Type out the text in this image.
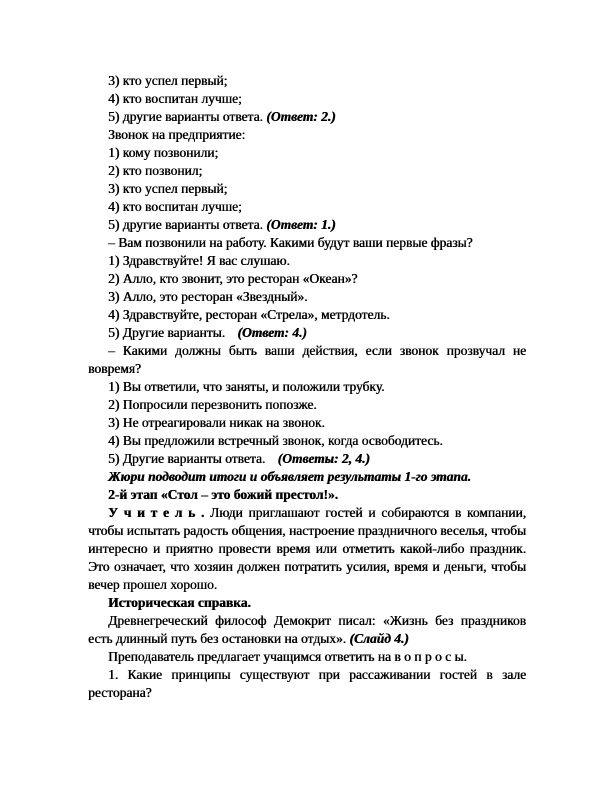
3) кто успел первый;

4) кто воспитан лучше;

5) другие варианты ответа. (Ответ: 2.)

Звонок на предприятие:

1) кому позвонили;

2) кто позвонил;

3) кто успел первый;

4) кто воспитан лучше;

5) другие варианты ответа. (Ответ: 1.)

– Вам позвонили на работу. Какими будут ваши первые фразы?

1) Здравствуйте! Я вас слушаю.

2) Алло, кто звонит, это ресторан «Океан»?

3) Алло, это ресторан «Звездный».

4) Здравствуйте, ресторан «Стрела», метрдотель.

5) Другие варианты. (Ответ: 4.)

– Какими должны быть ваши действия, если звонок прозвучал не вовремя?

1) Вы ответили, что заняты, и положили трубку.

2) Попросили перезвонить попозже.

3) Не отреагировали никак на звонок.

4) Вы предложили встречный звонок, когда освободитесь.

5) Другие варианты ответа. (Ответы: 2, 4.)

Жюри подводит итоги и объявляет результаты 1-го этапа.

2-й этап «Стол – это божий престол!».

У ч и т е л ь . Люди приглашают гостей и собираются в компании, чтобы испытать радость общения, настроение праздничного веселья, чтобы интересно и приятно провести время или отметить какой-либо праздник. Это означает, что хозяин должен потратить усилия, время и деньги, чтобы вечер прошел хорошо.

Историческая справка.

Древнегреческий философ Демокрит писал: «Жизнь без праздников есть длинный путь без остановки на отдых». (Слайд 4.)

Преподаватель предлагает учащимся ответить на в о п р о с ы.

1. Какие принципы существуют при рассаживании гостей в зале ресторана?
